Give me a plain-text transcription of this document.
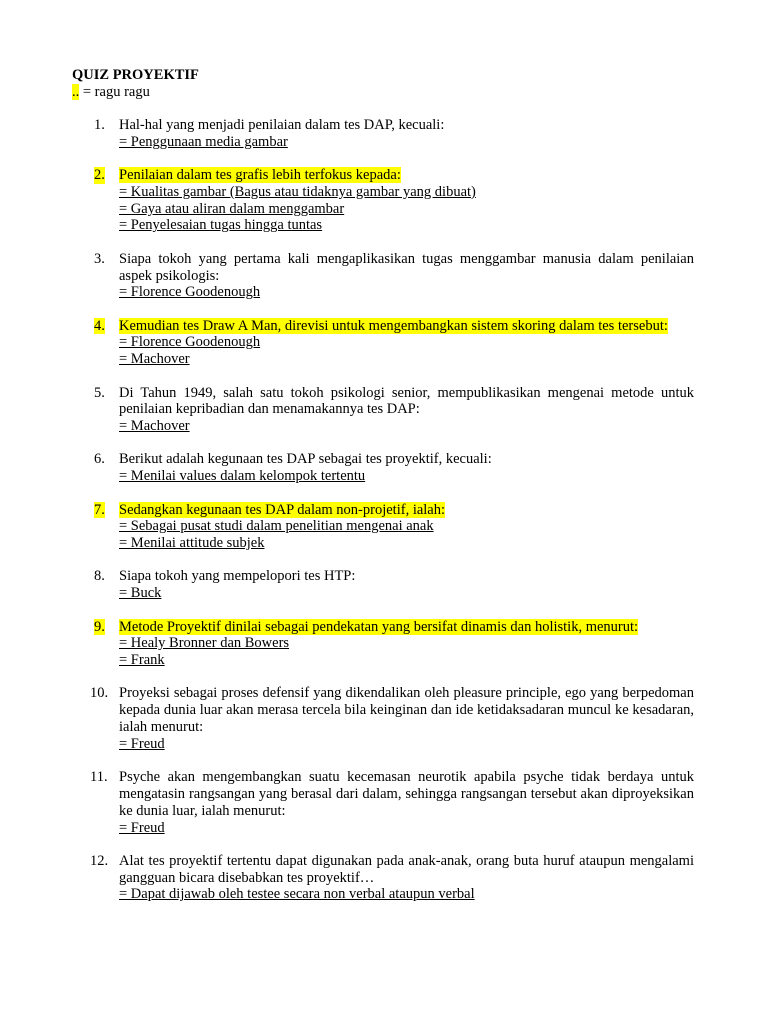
QUIZ PROYEKTIF

.. = ragu ragu

1. Hal-hal yang menjadi penilaian dalam tes DAP, kecuali:

= Penggunaan media gambar

2. Penilaian dalam tes grafis lebih terfokus kepada:

= Kualitas gambar (Bagus atau tidaknya gambar yang dibuat)

= Gaya atau aliran dalam menggambar

= Penyelesaian tugas hingga tuntas

3. Siapa tokoh yang pertama kali mengaplikasikan tugas menggambar manusia dalam penilaian aspek psikologis:

= Florence Goodenough

4. Kemudian tes Draw A Man, direvisi untuk mengembangkan sistem skoring dalam tes tersebut:

= Florence Goodenough

= Machover

5. Di Tahun 1949, salah satu tokoh psikologi senior, mempublikasikan mengenai metode untuk penilaian kepribadian dan menamakannya tes DAP:

= Machover

6. Berikut adalah kegunaan tes DAP sebagai tes proyektif, kecuali:

= Menilai values dalam kelompok tertentu

7. Sedangkan kegunaan tes DAP dalam non-projetif, ialah:

= Sebagai pusat studi dalam penelitian mengenai anak

= Menilai attitude subjek

8. Siapa tokoh yang mempelopori tes HTP:

= Buck

9. Metode Proyektif dinilai sebagai pendekatan yang bersifat dinamis dan holistik, menurut:

= Healy Bronner dan Bowers

= Frank

10. Proyeksi sebagai proses defensif yang dikendalikan oleh pleasure principle, ego yang berpedoman kepada dunia luar akan merasa tercela bila keinginan dan ide ketidaksadaran muncul ke kesadaran, ialah menurut:

= Freud

11. Psyche akan mengembangkan suatu kecemasan neurotik apabila psyche tidak berdaya untuk mengatasin rangsangan yang berasal dari dalam, sehingga rangsangan tersebut akan diproyeksikan ke dunia luar, ialah menurut:

= Freud

12. Alat tes proyektif tertentu dapat digunakan pada anak-anak, orang buta huruf ataupun mengalami gangguan bicara disebabkan tes proyektif…

= Dapat dijawab oleh testee secara non verbal ataupun verbal
